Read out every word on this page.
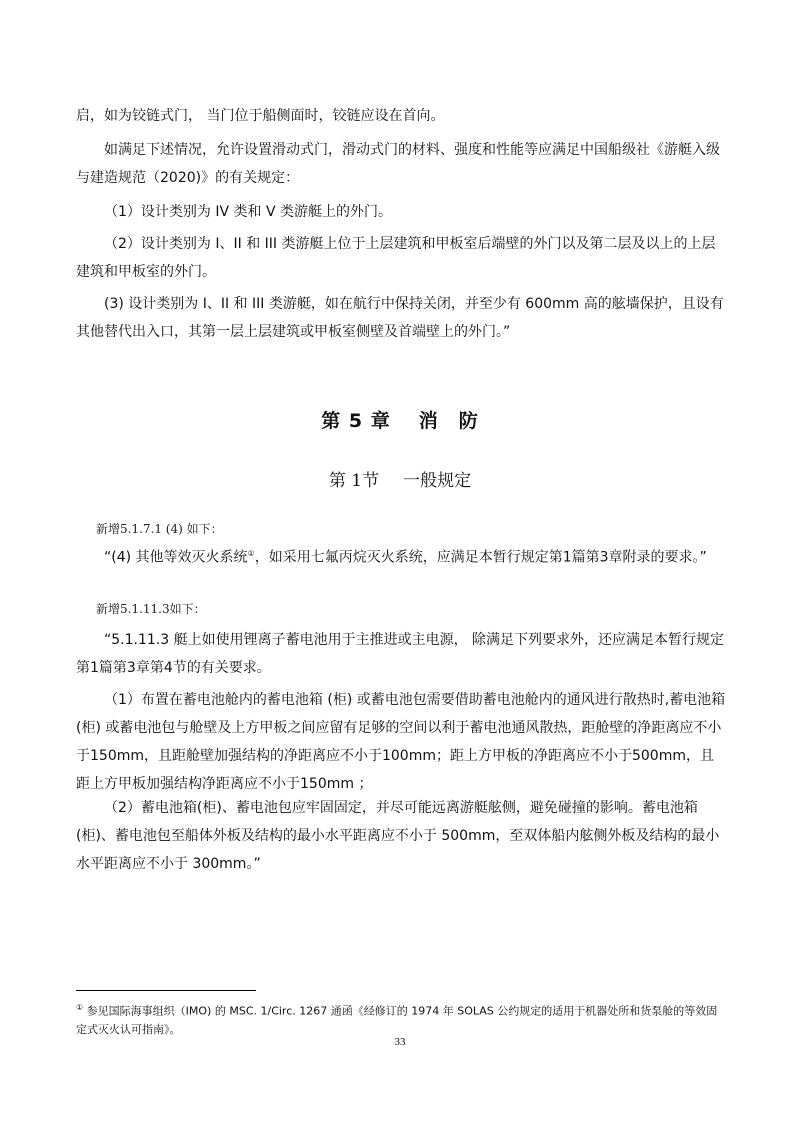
启，如为铰链式门， 当门位于船侧面时，铰链应设在首向。

如满足下述情况，允许设置滑动式门，滑动式门的材料、强度和性能等应满足中国船级社《游艇入级与建造规范（2020)》的有关规定：

（1）设计类别为 IV 类和 V 类游艇上的外门。

（2）设计类别为 I、II 和 III 类游艇上位于上层建筑和甲板室后端壁的外门以及第二层及以上的上层建筑和甲板室的外门。

(3) 设计类别为 I、II 和 III 类游艇，如在航行中保持关闭，并至少有 600mm 高的舷墙保护，且设有其他替代出入口，其第一层上层建筑或甲板室侧壁及首端壁上的外门。”

第 5 章 消　防
第 1节 一般规定
新增5.1.7.1 (4) 如下：

“(4) 其他等效灭火系统①，如采用七氟丙烷灭火系统，应满足本暂行规定第1篇第3章附录的要求。”

新增5.1.11.3如下：

“5.1.11.3 艇上如使用锂离子蓄电池用于主推进或主电源， 除满足下列要求外，还应满足本暂行规定第1篇第3章第4节的有关要求。

（1）布置在蓄电池舱内的蓄电池箱 (柜) 或蓄电池包需要借助蓄电池舱内的通风进行散热时,蓄电池箱 (柜) 或蓄电池包与舱壁及上方甲板之间应留有足够的空间以利于蓄电池通风散热，距舱壁的净距离应不小于150mm，且距舱壁加强结构的净距离应不小于100mm；距上方甲板的净距离应不小于500mm，且距上方甲板加强结构净距离应不小于150mm ；

（2）蓄电池箱(柜)、蓄电池包应牢固固定，并尽可能远离游艇舷侧，避免碰撞的影响。蓄电池箱(柜)、蓄电池包至船体外板及结构的最小水平距离应不小于 500mm，至双体船内舷侧外板及结构的最小水平距离应不小于 300mm。”

① 参见国际海事组织（IMO) 的 MSC. 1/Circ. 1267 通函《经修订的 1974 年 SOLAS 公约规定的适用于机器处所和货泵舱的等效固定式灭火认可指南》。

33
